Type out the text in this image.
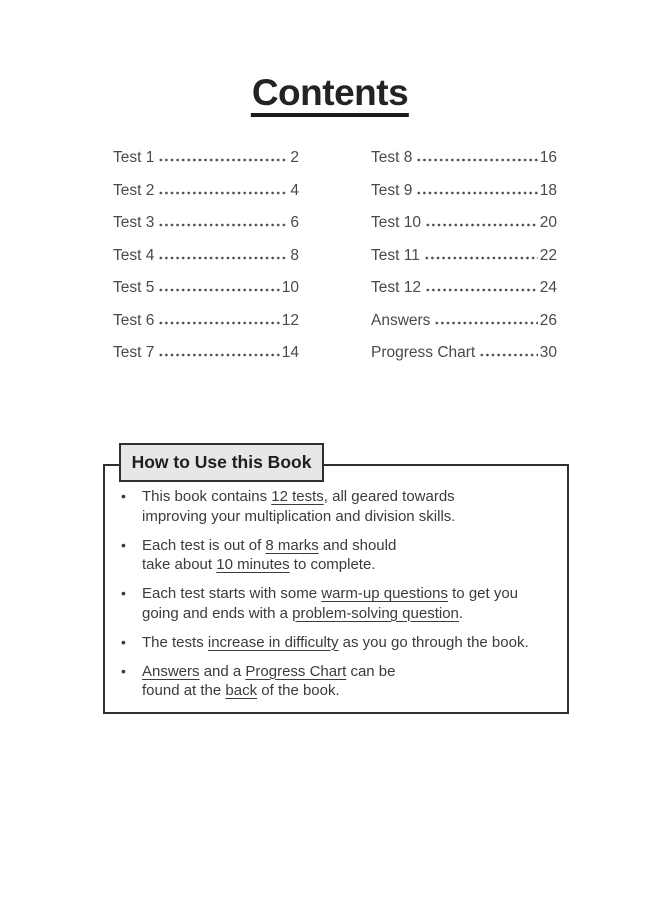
Contents
Test 1	2
Test 2	4
Test 3	6
Test 4	8
Test 5	10
Test 6	12
Test 7	14
Test 8	16
Test 9	18
Test 10	20
Test 11	22
Test 12	24
Answers	26
Progress Chart	30
How to Use this Book
•	This book contains 12 tests, all geared towards
improving your multiplication and division skills.
•	Each test is out of 8 marks and should
take about 10 minutes to complete.
•	Each test starts with some warm-up questions to get you
going and ends with a problem-solving question.
•	The tests increase in difficulty as you go through the book.
•	Answers and a Progress Chart can be
found at the back of the book.
